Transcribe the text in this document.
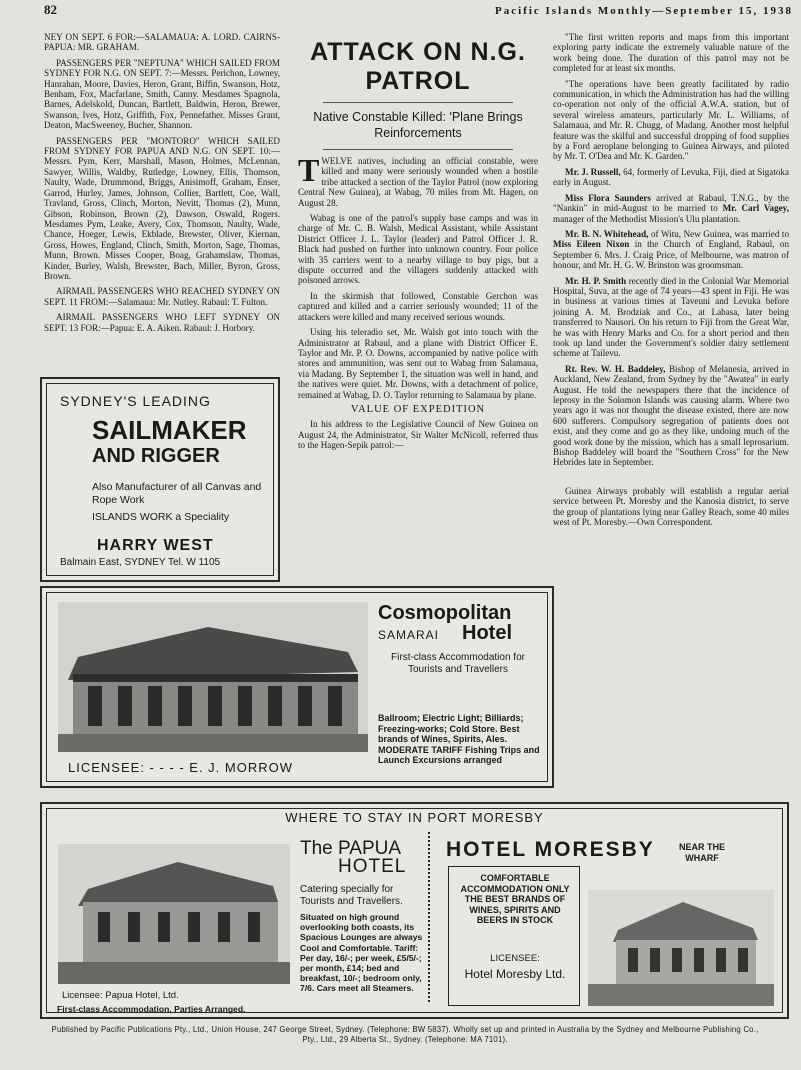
82	Pacific Islands Monthly—September 15, 1938

NEY ON SEPT. 6 FOR:—SALAMAUA: A. LORD. CAIRNS-PAPUA: MR. GRAHAM.

PASSENGERS PER "NEPTUNA" WHICH SAILED FROM SYDNEY FOR N.G. ON SEPT. 7:—Messrs. Perichon, Lowney, Hanrahan, Moore, Davies, Heron, Grant, Biffin, Swanson, Hotz, Benham, Fox, Macfarlane, Smith, Canny. Mesdames Spagnola, Barnes, Adelskold, Duncan, Bartlett, Baldwin, Heron, Brewer, Swanson, Ives, Hotz, Griffith, Fox, Pennefather. Misses Grant, Deaton, MacSweeney, Bucher, Shannon.

PASSENGERS PER "MONTORO" WHICH SAILED FROM SYDNEY FOR PAPUA AND N.G. ON SEPT. 10:—Messrs. Pym, Kerr, Marshall, Mason, Holmes, McLennan, Sawyer, Willis, Waldby, Rutledge, Lowney, Ellis, Thomson, Naulty, Wade, Drummond, Briggs, Anisimoff, Graham, Enser, Garrod, Hurley, James, Johnson, Collier, Bartlett, Coe, Wall, Travland, Gross, Clinch, Morton, Nevitt, Thomas (2), Munn, Gibson, Robinson, Brown (2), Dawson, Oswald, Rogers. Mesdames Pym, Leake, Avery, Cox, Thomson, Naulty, Wade, Chance, Hoeger, Lewis, Ekblade, Brewster, Oliver, Kiernan, Gross, Howes, England, Clinch, Smith, Morton, Sage, Thomas, Munn, Brown. Misses Cooper, Boag, Grahamslaw, Thomas, Kinder, Burley, Walsh, Brewster, Bach, Miller, Byron, Gross, Brown.

AIRMAIL PASSENGERS WHO REACHED SYDNEY ON SEPT. 11 FROM:—Salamaua: Mr. Nutley. Rabaul: T. Fulton.

AIRMAIL PASSENGERS WHO LEFT SYDNEY ON SEPT. 13 FOR:—Papua: E. A. Aiken. Rabaul: J. Horbory.

ATTACK ON N.G. PATROL
Native Constable Killed: 'Plane Brings Reinforcements

TWELVE natives, including an official constable, were killed and many were seriously wounded when a hostile tribe attacked a section of the Taylor Patrol (now exploring Central New Guinea), at Wabag, 70 miles from Mt. Hagen, on August 28.

Wabag is one of the patrol's supply base camps and was in charge of Mr. C. B. Walsh, Medical Assistant, while Assistant District Officer J. L. Taylor (leader) and Patrol Officer J. R. Black had pushed on further into unknown country. Four police with 35 carriers went to a nearby village to buy pigs, but a dispute occurred and the villagers suddenly attacked with poisoned arrows.

In the skirmish that followed, Constable Gerchon was captured and killed and a carrier seriously wounded; 11 of the attackers were killed and many received serious wounds.

Using his teleradio set, Mr. Walsh got into touch with the Administrator at Rabaul, and a plane with District Officer E. Taylor and Mr. P. O. Downs, accompanied by native police with stores and ammunition, was sent out to Wabag from Salamaua, via Madang. By September 1, the situation was well in hand, and the natives were quiet. Mr. Downs, with a detachment of police, remained at Wabag, D. O. Taylor returning to Salamaua by plane.

VALUE OF EXPEDITION

In his address to the Legislative Council of New Guinea on August 24, the Administrator, Sir Walter McNicoll, referred thus to the Hagen-Sepik patrol:—

"The first written reports and maps from this important exploring party indicate the extremely valuable nature of the work being done. The duration of this patrol may not be completed for at least six months.

"The operations have been greatly facilitated by radio communication, in which the Administration has had the willing co-operation not only of the official A.W.A. station, but of several wireless amateurs, particularly Mr. L. Williams, of Salamaua, and Mr. R. Chugg, of Madang. Another most helpful feature was the skilful and successful dropping of food supplies by a Ford aeroplane belonging to Guinea Airways, and piloted by Mr. T. O'Dea and Mr. K. Garden."

Mr. J. Russell, 64, formerly of Levuka, Fiji, died at Sigatoka early in August.

Miss Flora Saunders arrived at Rabaul, T.N.G., by the "Nankin" in mid-August to be married to Mr. Carl Vagey, manager of the Methodist Mission's Ulu plantation.

Mr. B. N. Whitehead, of Witu, New Guinea, was married to Miss Eileen Nixon in the Church of England, Rabaul, on September 6. Mrs. J. Craig Price, of Melbourne, was matron of honour, and Mr. H. G. W. Brinston was groomsman.

Mr. H. P. Smith recently died in the Colonial War Memorial Hospital, Suva, at the age of 74 years—43 spent in Fiji. He was in business at various times at Taveuni and Levuka before joining A. M. Brodziak and Co., at Labasa, later being transferred to Nausori. On his return to Fiji from the Great War, he was with Henry Marks and Co. for a short period and then took up land under the Government's soldier dairy settlement scheme at Tailevu.

Rt. Rev. W. H. Baddeley, Bishop of Melanesia, arrived in Auckland, New Zealand, from Sydney by the "Awatea" in early August. He told the newspapers there that the incidence of leprosy in the Solomon Islands was causing alarm. Where two years ago it was not thought the disease existed, there are now 600 sufferers. Compulsory segregation of patients does not exist, and they come and go as they like, undoing much of the good work done by the mission, which has a small leprosarium. Bishop Baddeley will board the "Southern Cross" for the New Hebrides late in September.

Guinea Airways probably will establish a regular aerial service between Pt. Moresby and the Kanosia district, to serve the group of plantations lying near Galley Reach, some 40 miles west of Pt. Moresby.—Own Correspondent.

SYDNEY'S LEADING
SAILMAKER
AND RIGGER
Also Manufacturer of all Canvas and Rope Work
ISLANDS WORK a Speciality
HARRY WEST
Balmain East, SYDNEY Tel. W 1105
Cosmopolitan
SAMARAI Hotel
First-class Accommodation for Tourists and Travellers
Ballroom; Electric Light; Billiards; Freezing-works; Cold Store. Best brands of Wines, Spirits, Ales. MODERATE TARIFF Fishing Trips and Launch Excursions arranged
LICENSEE: - - - - E. J. MORROW
WHERE TO STAY IN PORT MORESBY
The PAPUA
HOTEL
Catering specially for Tourists and Travellers.
Situated on high ground overlooking both coasts, its Spacious Lounges are always Cool and Comfortable. Tariff: Per day, 16/-; per week, £5/5/-; per month, £14; bed and breakfast, 10/-; bedroom only, 7/6. Cars meet all Steamers.
Licensee: Papua Hotel, Ltd.
First-class Accommodation. Parties Arranged.
HOTEL MORESBY	NEAR THE WHARF
COMFORTABLE ACCOMMODATION ONLY THE BEST BRANDS OF WINES, SPIRITS AND BEERS IN STOCK
LICENSEE:
Hotel Moresby Ltd.
Published by Pacific Publications Pty., Ltd., Union House, 247 George Street, Sydney. (Telephone: BW 5837). Wholly set up and printed in Australia by the Sydney and Melbourne Publishing Co., Pty., Ltd., 29 Alberta St., Sydney. (Telephone: MA 7101).
